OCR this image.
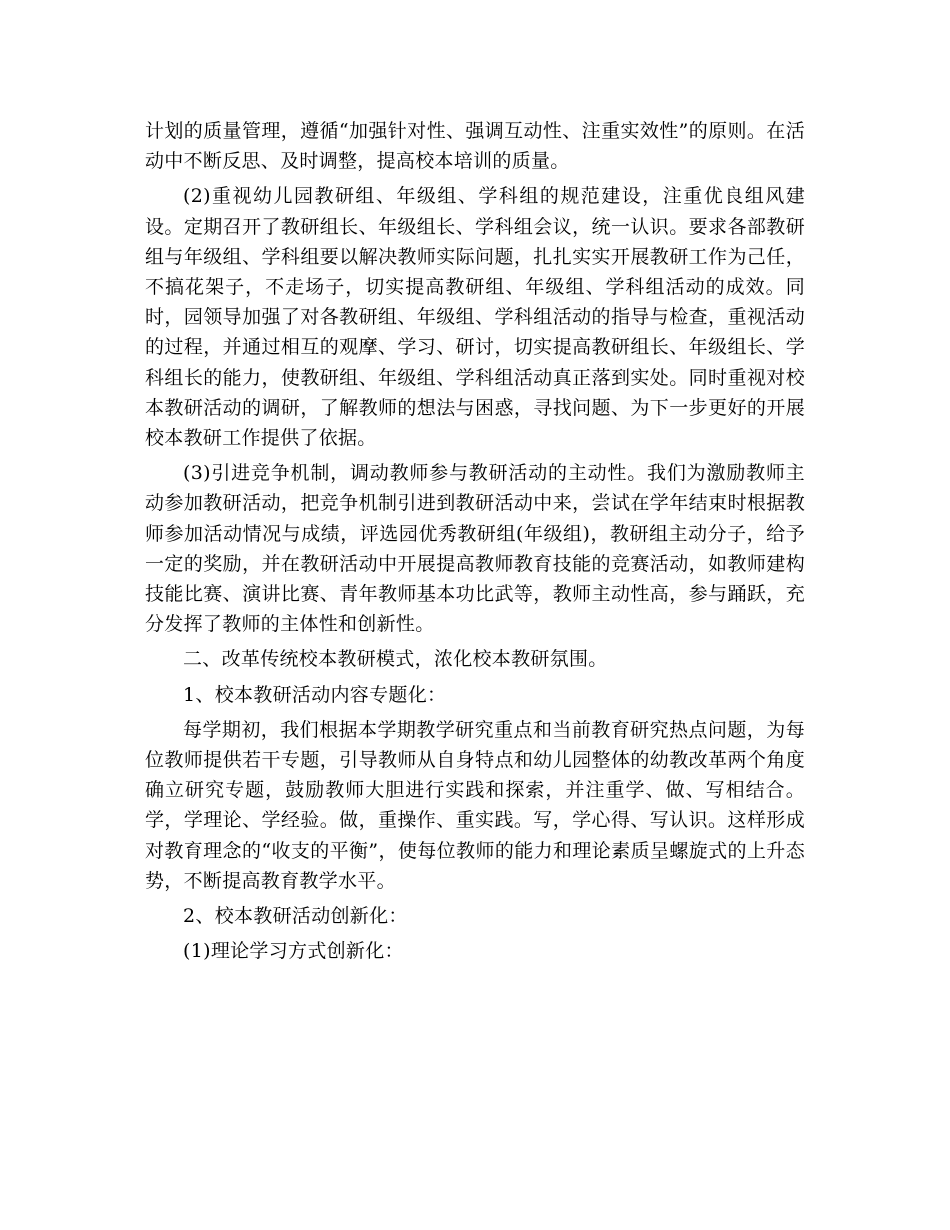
计划的质量管理，遵循“加强针对性、强调互动性、注重实效性”的原则。在活动中不断反思、及时调整，提高校本培训的质量。

(2)重视幼儿园教研组、年级组、学科组的规范建设，注重优良组风建设。定期召开了教研组长、年级组长、学科组会议，统一认识。要求各部教研组与年级组、学科组要以解决教师实际问题，扎扎实实开展教研工作为己任，不搞花架子，不走场子，切实提高教研组、年级组、学科组活动的成效。同时，园领导加强了对各教研组、年级组、学科组活动的指导与检查，重视活动的过程，并通过相互的观摩、学习、研讨，切实提高教研组长、年级组长、学科组长的能力，使教研组、年级组、学科组活动真正落到实处。同时重视对校本教研活动的调研，了解教师的想法与困惑，寻找问题、为下一步更好的开展校本教研工作提供了依据。

(3)引进竞争机制，调动教师参与教研活动的主动性。我们为激励教师主动参加教研活动，把竞争机制引进到教研活动中来，尝试在学年结束时根据教师参加活动情况与成绩，评选园优秀教研组(年级组)，教研组主动分子，给予一定的奖励，并在教研活动中开展提高教师教育技能的竞赛活动，如教师建构技能比赛、演讲比赛、青年教师基本功比武等，教师主动性高，参与踊跃，充分发挥了教师的主体性和创新性。

二、改革传统校本教研模式，浓化校本教研氛围。

1、校本教研活动内容专题化：

每学期初，我们根据本学期教学研究重点和当前教育研究热点问题，为每位教师提供若干专题，引导教师从自身特点和幼儿园整体的幼教改革两个角度确立研究专题，鼓励教师大胆进行实践和探索，并注重学、做、写相结合。学，学理论、学经验。做，重操作、重实践。写，学心得、写认识。这样形成对教育理念的“收支的平衡”，使每位教师的能力和理论素质呈螺旋式的上升态势，不断提高教育教学水平。

2、校本教研活动创新化：

(1)理论学习方式创新化：
